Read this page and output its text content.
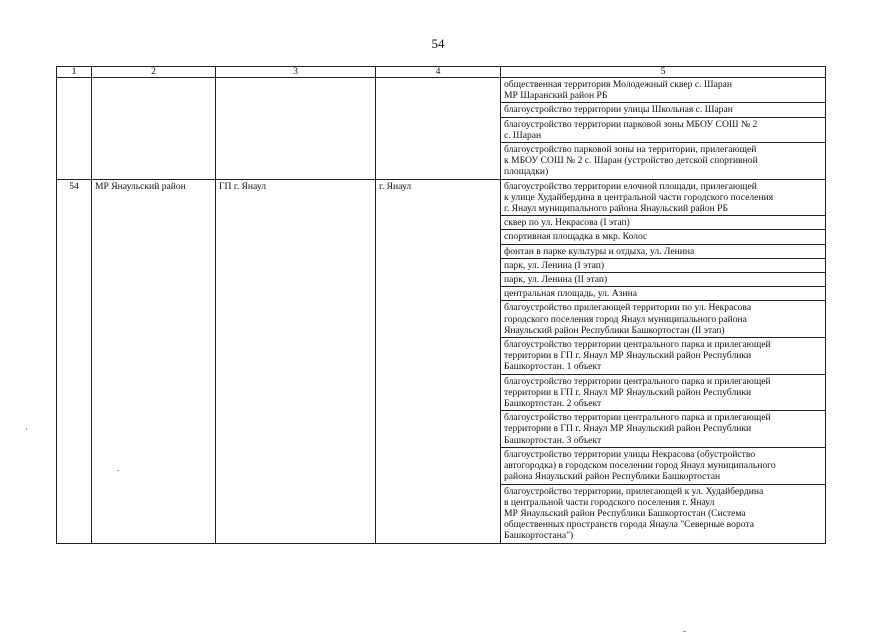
54
1	2	3	4	5
				общественная территория Молодежный сквер с. Шаран
МР Шаранский район РБ
				благоустройство территории улицы Школьная с. Шаран
				благоустройство территории парковой зоны МБОУ СОШ № 2
с. Шаран
				благоустройство парковой зоны на территории, прилегающей
к МБОУ СОШ № 2 с. Шаран (устройство детской спортивной
площадки)
54	МР Янаульский район	ГП г. Янаул	г. Янаул	благоустройство территории елочной площади, прилегающей
к улице Худайбердина в центральной части городского поселения
г. Янаул муниципального района Янаульский район РБ
				сквер по ул. Некрасова (I этап)
				спортивная площадка в мкр. Колос
				фонтан в парке культуры и отдыха, ул. Ленина
				парк, ул. Ленина (I этап)
				парк, ул. Ленина (II этап)
				центральная площадь, ул. Азина
				благоустройство прилегающей территории по ул. Некрасова
городского поселения город Янаул муниципального района
Янаульский район Республики Башкортостан (II этап)
				благоустройство территории центрального парка и прилегающей
территории в ГП г. Янаул МР Янаульский район Республики
Башкортостан. 1 объект
				благоустройство территории центрального парка и прилегающей
территории в ГП г. Янаул МР Янаульский район Республики
Башкортостан. 2 объект
				благоустройство территории центрального парка и прилегающей
территории в ГП г. Янаул МР Янаульский район Республики
Башкортостан. 3 объект
				благоустройство территории улицы Некрасова (обустройство
автогородка) в городском поселении город Янаул муниципального
района Янаульский район Республики Башкортостан
				благоустройство территории, прилегающей к ул. Худайбердина
в центральной части городского поселения г. Янаул
МР Янаульский район Республики Башкортостан (Система
общественных пространств города Янаула "Северные ворота
Башкортостана")
